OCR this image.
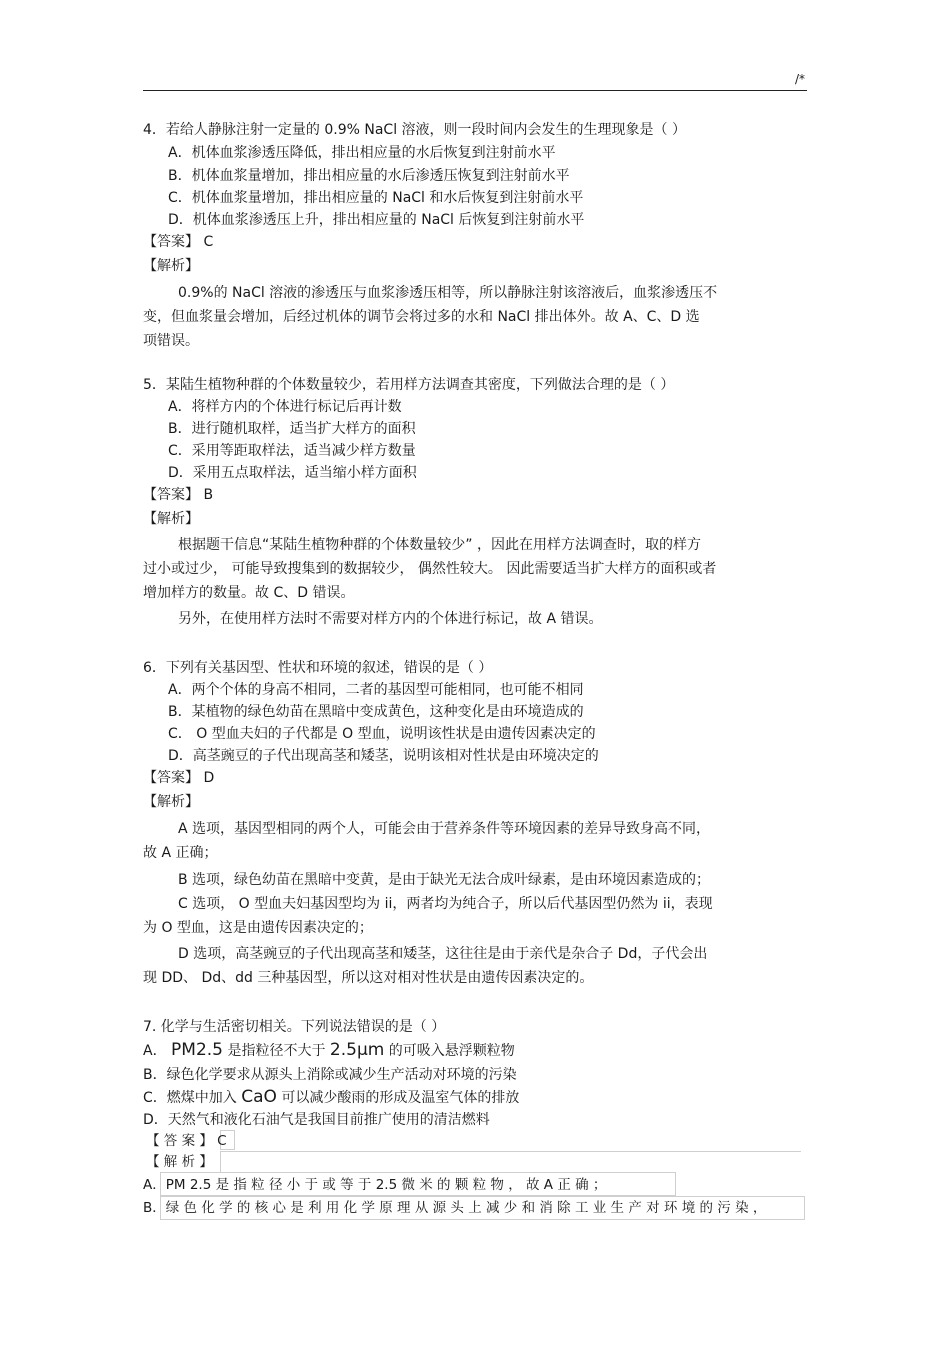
/*
4．若给人静脉注射一定量的 0.9% NaCl 溶液，则一段时间内会发生的生理现象是（ ）
A．机体血浆渗透压降低，排出相应量的水后恢复到注射前水平
B．机体血浆量增加，排出相应量的水后渗透压恢复到注射前水平
C．机体血浆量增加，排出相应量的 NaCl 和水后恢复到注射前水平
D．机体血浆渗透压上升，排出相应量的 NaCl 后恢复到注射前水平
【答案】 C
【解析】
0.9%的 NaCl 溶液的渗透压与血浆渗透压相等，所以静脉注射该溶液后，血浆渗透压不
变，但血浆量会增加，后经过机体的调节会将过多的水和 NaCl 排出体外。故 A、C、D 选
项错误。
5．某陆生植物种群的个体数量较少，若用样方法调查其密度，下列做法合理的是（ ）
A．将样方内的个体进行标记后再计数
B．进行随机取样，适当扩大样方的面积
C．采用等距取样法，适当减少样方数量
D．采用五点取样法，适当缩小样方面积
【答案】 B
【解析】
根据题干信息“某陆生植物种群的个体数量较少” ，因此在用样方法调查时，取的样方
过小或过少， 可能导致搜集到的数据较少， 偶然性较大。 因此需要适当扩大样方的面积或者
增加样方的数量。故 C、D 错误。
另外，在使用样方法时不需要对样方内的个体进行标记，故 A 错误。
6．下列有关基因型、性状和环境的叙述，错误的是（ ）
A．两个个体的身高不相同，二者的基因型可能相同，也可能不相同
B．某植物的绿色幼苗在黑暗中变成黄色，这种变化是由环境造成的
C． O 型血夫妇的子代都是 O 型血，说明该性状是由遗传因素决定的
D．高茎豌豆的子代出现高茎和矮茎，说明该相对性状是由环境决定的
【答案】 D
【解析】
A 选项，基因型相同的两个人，可能会由于营养条件等环境因素的差异导致身高不同，
故 A 正确；
B 选项，绿色幼苗在黑暗中变黄，是由于缺光无法合成叶绿素，是由环境因素造成的；
C 选项， O 型血夫妇基因型均为 ii，两者均为纯合子，所以后代基因型仍然为 ii，表现
为 O 型血，这是由遗传因素决定的；
D 选项，高茎豌豆的子代出现高茎和矮茎，这往往是由于亲代是杂合子 Dd，子代会出
现 DD、 Dd、dd 三种基因型，所以这对相对性状是由遗传因素决定的。
7. 化学与生活密切相关。下列说法错误的是（ ）
A． PM2.5 是指粒径不大于 2.5μm 的可吸入悬浮颗粒物
B．绿色化学要求从源头上消除或减少生产活动对环境的污染
C．燃煤中加入 CaO 可以减少酸雨的形成及温室气体的排放
D．天然气和液化石油气是我国目前推广使用的清洁燃料
【 答 案 】 C
【 解 析 】
A．PM 2.5 是 指 粒 径 小 于 或 等 于 2.5 微 米 的 颗 粒 物 ， 故 A 正 确 ；
B．绿 色 化 学 的 核 心 是 利 用 化 学 原 理 从 源 头 上 减 少 和 消 除 工 业 生 产 对 环 境 的 污 染 ，
